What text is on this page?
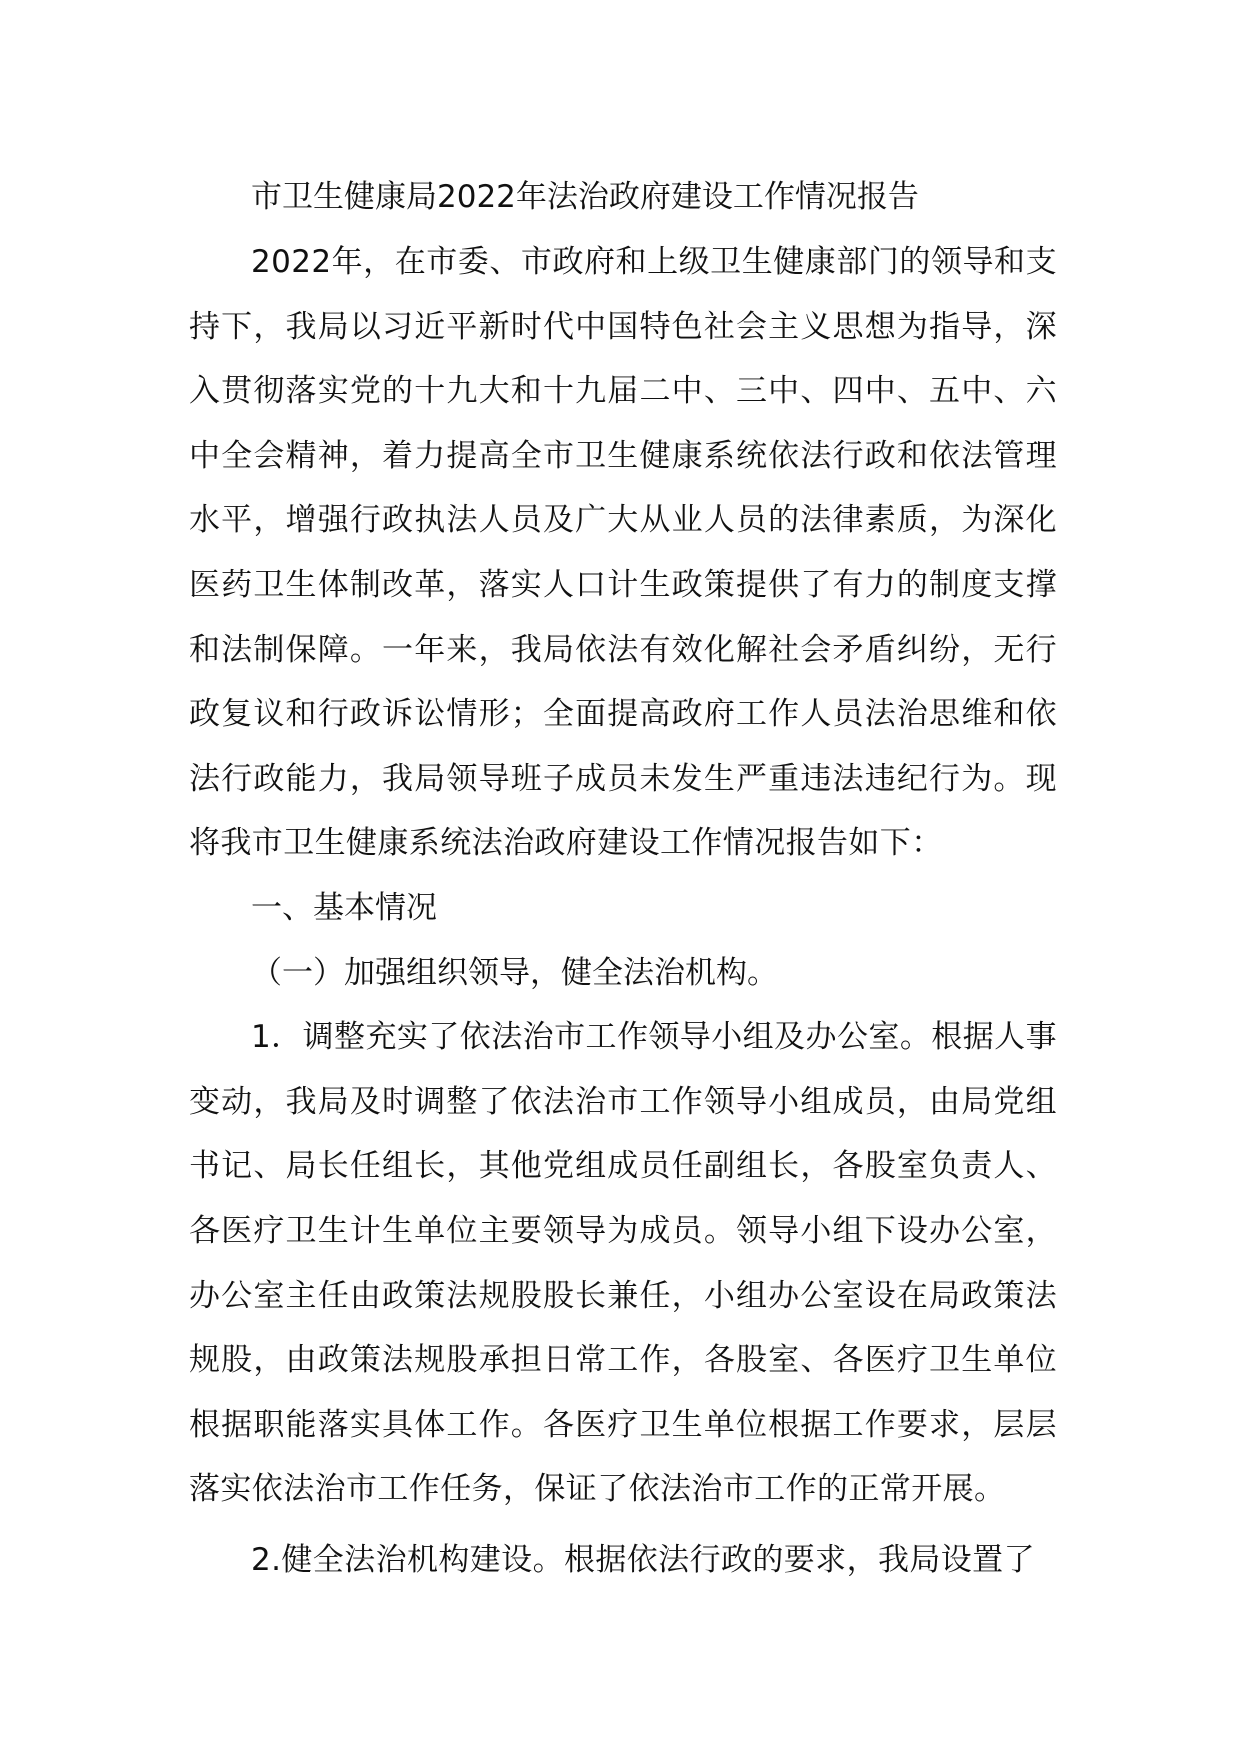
市卫生健康局2022年法治政府建设工作情况报告

2022年，在市委、市政府和上级卫生健康部门的领导和支持下，我局以习近平新时代中国特色社会主义思想为指导，深入贯彻落实党的十九大和十九届二中、三中、四中、五中、六中全会精神，着力提高全市卫生健康系统依法行政和依法管理水平，增强行政执法人员及广大从业人员的法律素质，为深化医药卫生体制改革，落实人口计生政策提供了有力的制度支撑和法制保障。一年来，我局依法有效化解社会矛盾纠纷，无行政复议和行政诉讼情形；全面提高政府工作人员法治思维和依法行政能力，我局领导班子成员未发生严重违法违纪行为。现将我市卫生健康系统法治政府建设工作情况报告如下：

一、基本情况

（一）加强组织领导，健全法治机构。

1．调整充实了依法治市工作领导小组及办公室。根据人事变动，我局及时调整了依法治市工作领导小组成员，由局党组书记、局长任组长，其他党组成员任副组长，各股室负责人、各医疗卫生计生单位主要领导为成员。领导小组下设办公室，办公室主任由政策法规股股长兼任，小组办公室设在局政策法规股，由政策法规股承担日常工作，各股室、各医疗卫生单位根据职能落实具体工作。各医疗卫生单位根据工作要求，层层落实依法治市工作任务，保证了依法治市工作的正常开展。

2.健全法治机构建设。根据依法行政的要求，我局设置了
